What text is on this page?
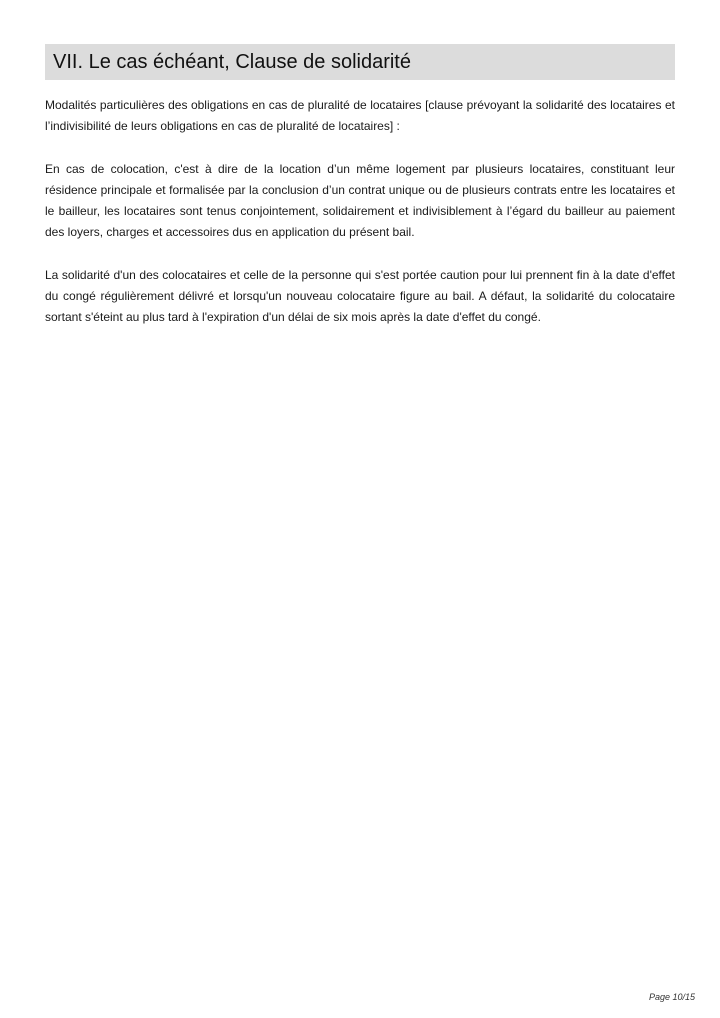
VII. Le cas échéant, Clause de solidarité

Modalités particulières des obligations en cas de pluralité de locataires [clause prévoyant la solidarité des locataires et l’indivisibilité de leurs obligations en cas de pluralité de locataires] :

En cas de colocation, c'est à dire de la location d’un même logement par plusieurs locataires, constituant leur résidence principale et formalisée par la conclusion d’un contrat unique ou de plusieurs contrats entre les locataires et le bailleur, les locataires sont tenus conjointement, solidairement et indivisiblement à l’égard du bailleur au paiement des loyers, charges et accessoires dus en application du présent bail.

La solidarité d'un des colocataires et celle de la personne qui s'est portée caution pour lui prennent fin à la date d'effet du congé régulièrement délivré et lorsqu'un nouveau colocataire figure au bail. A défaut, la solidarité du colocataire sortant s'éteint au plus tard à l'expiration d'un délai de six mois après la date d'effet du congé.

Page 10/15
